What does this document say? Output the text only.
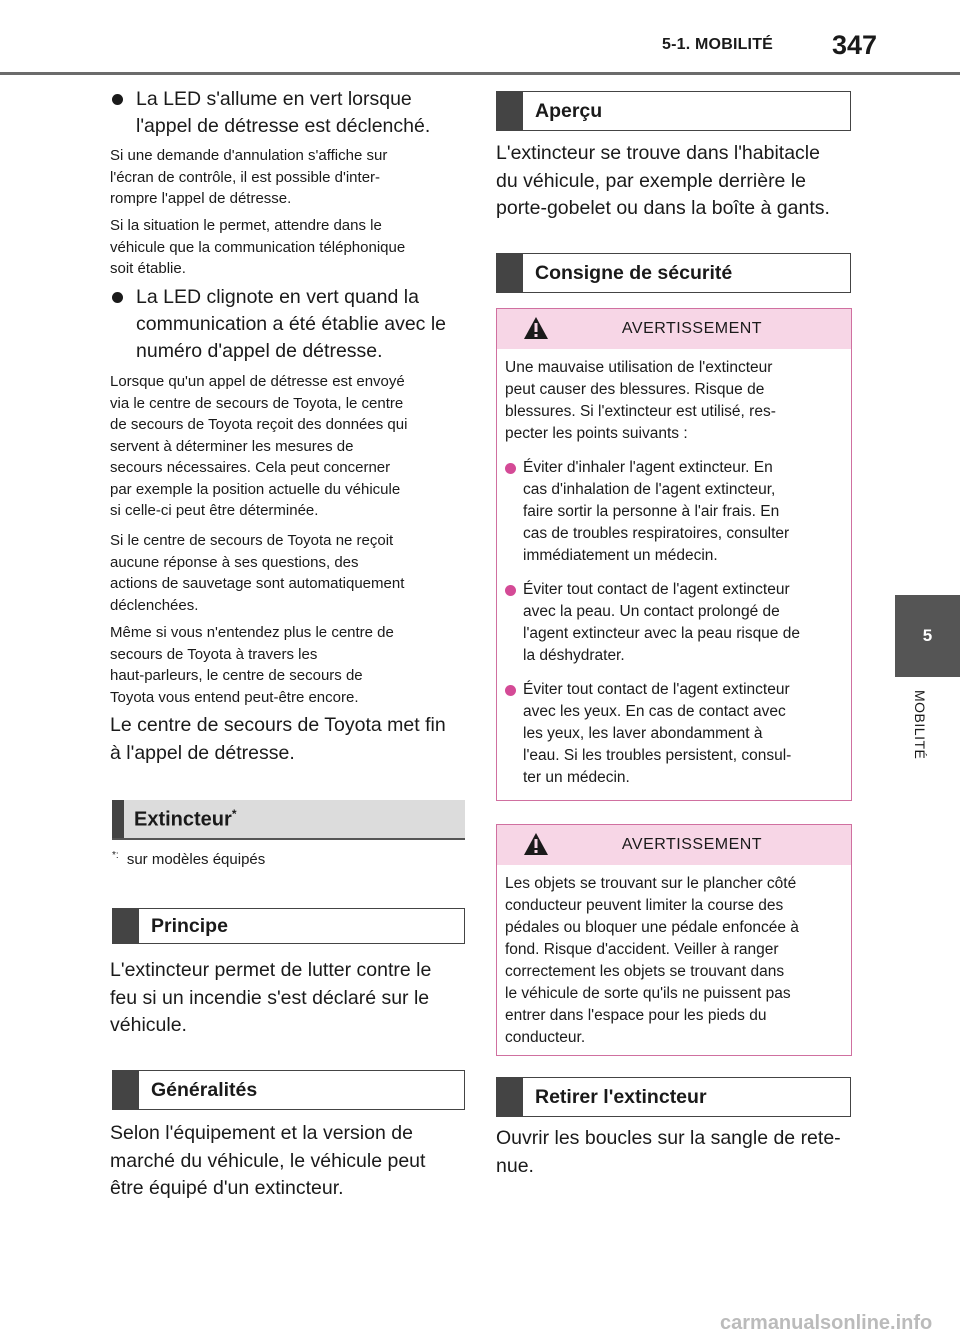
5-1. MOBILITÉ 347
5
MOBILITÉ
La LED s'allume en vert lorsque
l'appel de détresse est déclenché.
Si une demande d'annulation s'affiche sur
l'écran de contrôle, il est possible d'inter-
rompre l'appel de détresse.
Si la situation le permet, attendre dans le
véhicule que la communication téléphonique
soit établie.
La LED clignote en vert quand la
communication a été établie avec le
numéro d'appel de détresse.
Lorsque qu'un appel de détresse est envoyé
via le centre de secours de Toyota, le centre
de secours de Toyota reçoit des données qui
servent à déterminer les mesures de
secours nécessaires. Cela peut concerner
par exemple la position actuelle du véhicule
si celle-ci peut être déterminée.
Si le centre de secours de Toyota ne reçoit
aucune réponse à ses questions, des
actions de sauvetage sont automatiquement
déclenchées.
Même si vous n'entendez plus le centre de
secours de Toyota à travers les
haut-parleurs, le centre de secours de
Toyota vous entend peut-être encore.
Le centre de secours de Toyota met fin
à l'appel de détresse.
Extincteur*
*: sur modèles équipés
Principe
L'extincteur permet de lutter contre le
feu si un incendie s'est déclaré sur le
véhicule.
Généralités
Selon l'équipement et la version de
marché du véhicule, le véhicule peut
être équipé d'un extincteur.
Aperçu
L'extincteur se trouve dans l'habitacle
du véhicule, par exemple derrière le
porte-gobelet ou dans la boîte à gants.
Consigne de sécurité
AVERTISSEMENT
Une mauvaise utilisation de l'extincteur
peut causer des blessures. Risque de
blessures. Si l'extincteur est utilisé, res-
pecter les points suivants :
Éviter d'inhaler l'agent extincteur. En
cas d'inhalation de l'agent extincteur,
faire sortir la personne à l'air frais. En
cas de troubles respiratoires, consulter
immédiatement un médecin.
Éviter tout contact de l'agent extincteur
avec la peau. Un contact prolongé de
l'agent extincteur avec la peau risque de
la déshydrater.
Éviter tout contact de l'agent extincteur
avec les yeux. En cas de contact avec
les yeux, les laver abondamment à
l'eau. Si les troubles persistent, consul-
ter un médecin.
AVERTISSEMENT
Les objets se trouvant sur le plancher côté
conducteur peuvent limiter la course des
pédales ou bloquer une pédale enfoncée à
fond. Risque d'accident. Veiller à ranger
correctement les objets se trouvant dans
le véhicule de sorte qu'ils ne puissent pas
entrer dans l'espace pour les pieds du
conducteur.
Retirer l'extincteur
Ouvrir les boucles sur la sangle de rete-
nue.
carmanualsonline.info
